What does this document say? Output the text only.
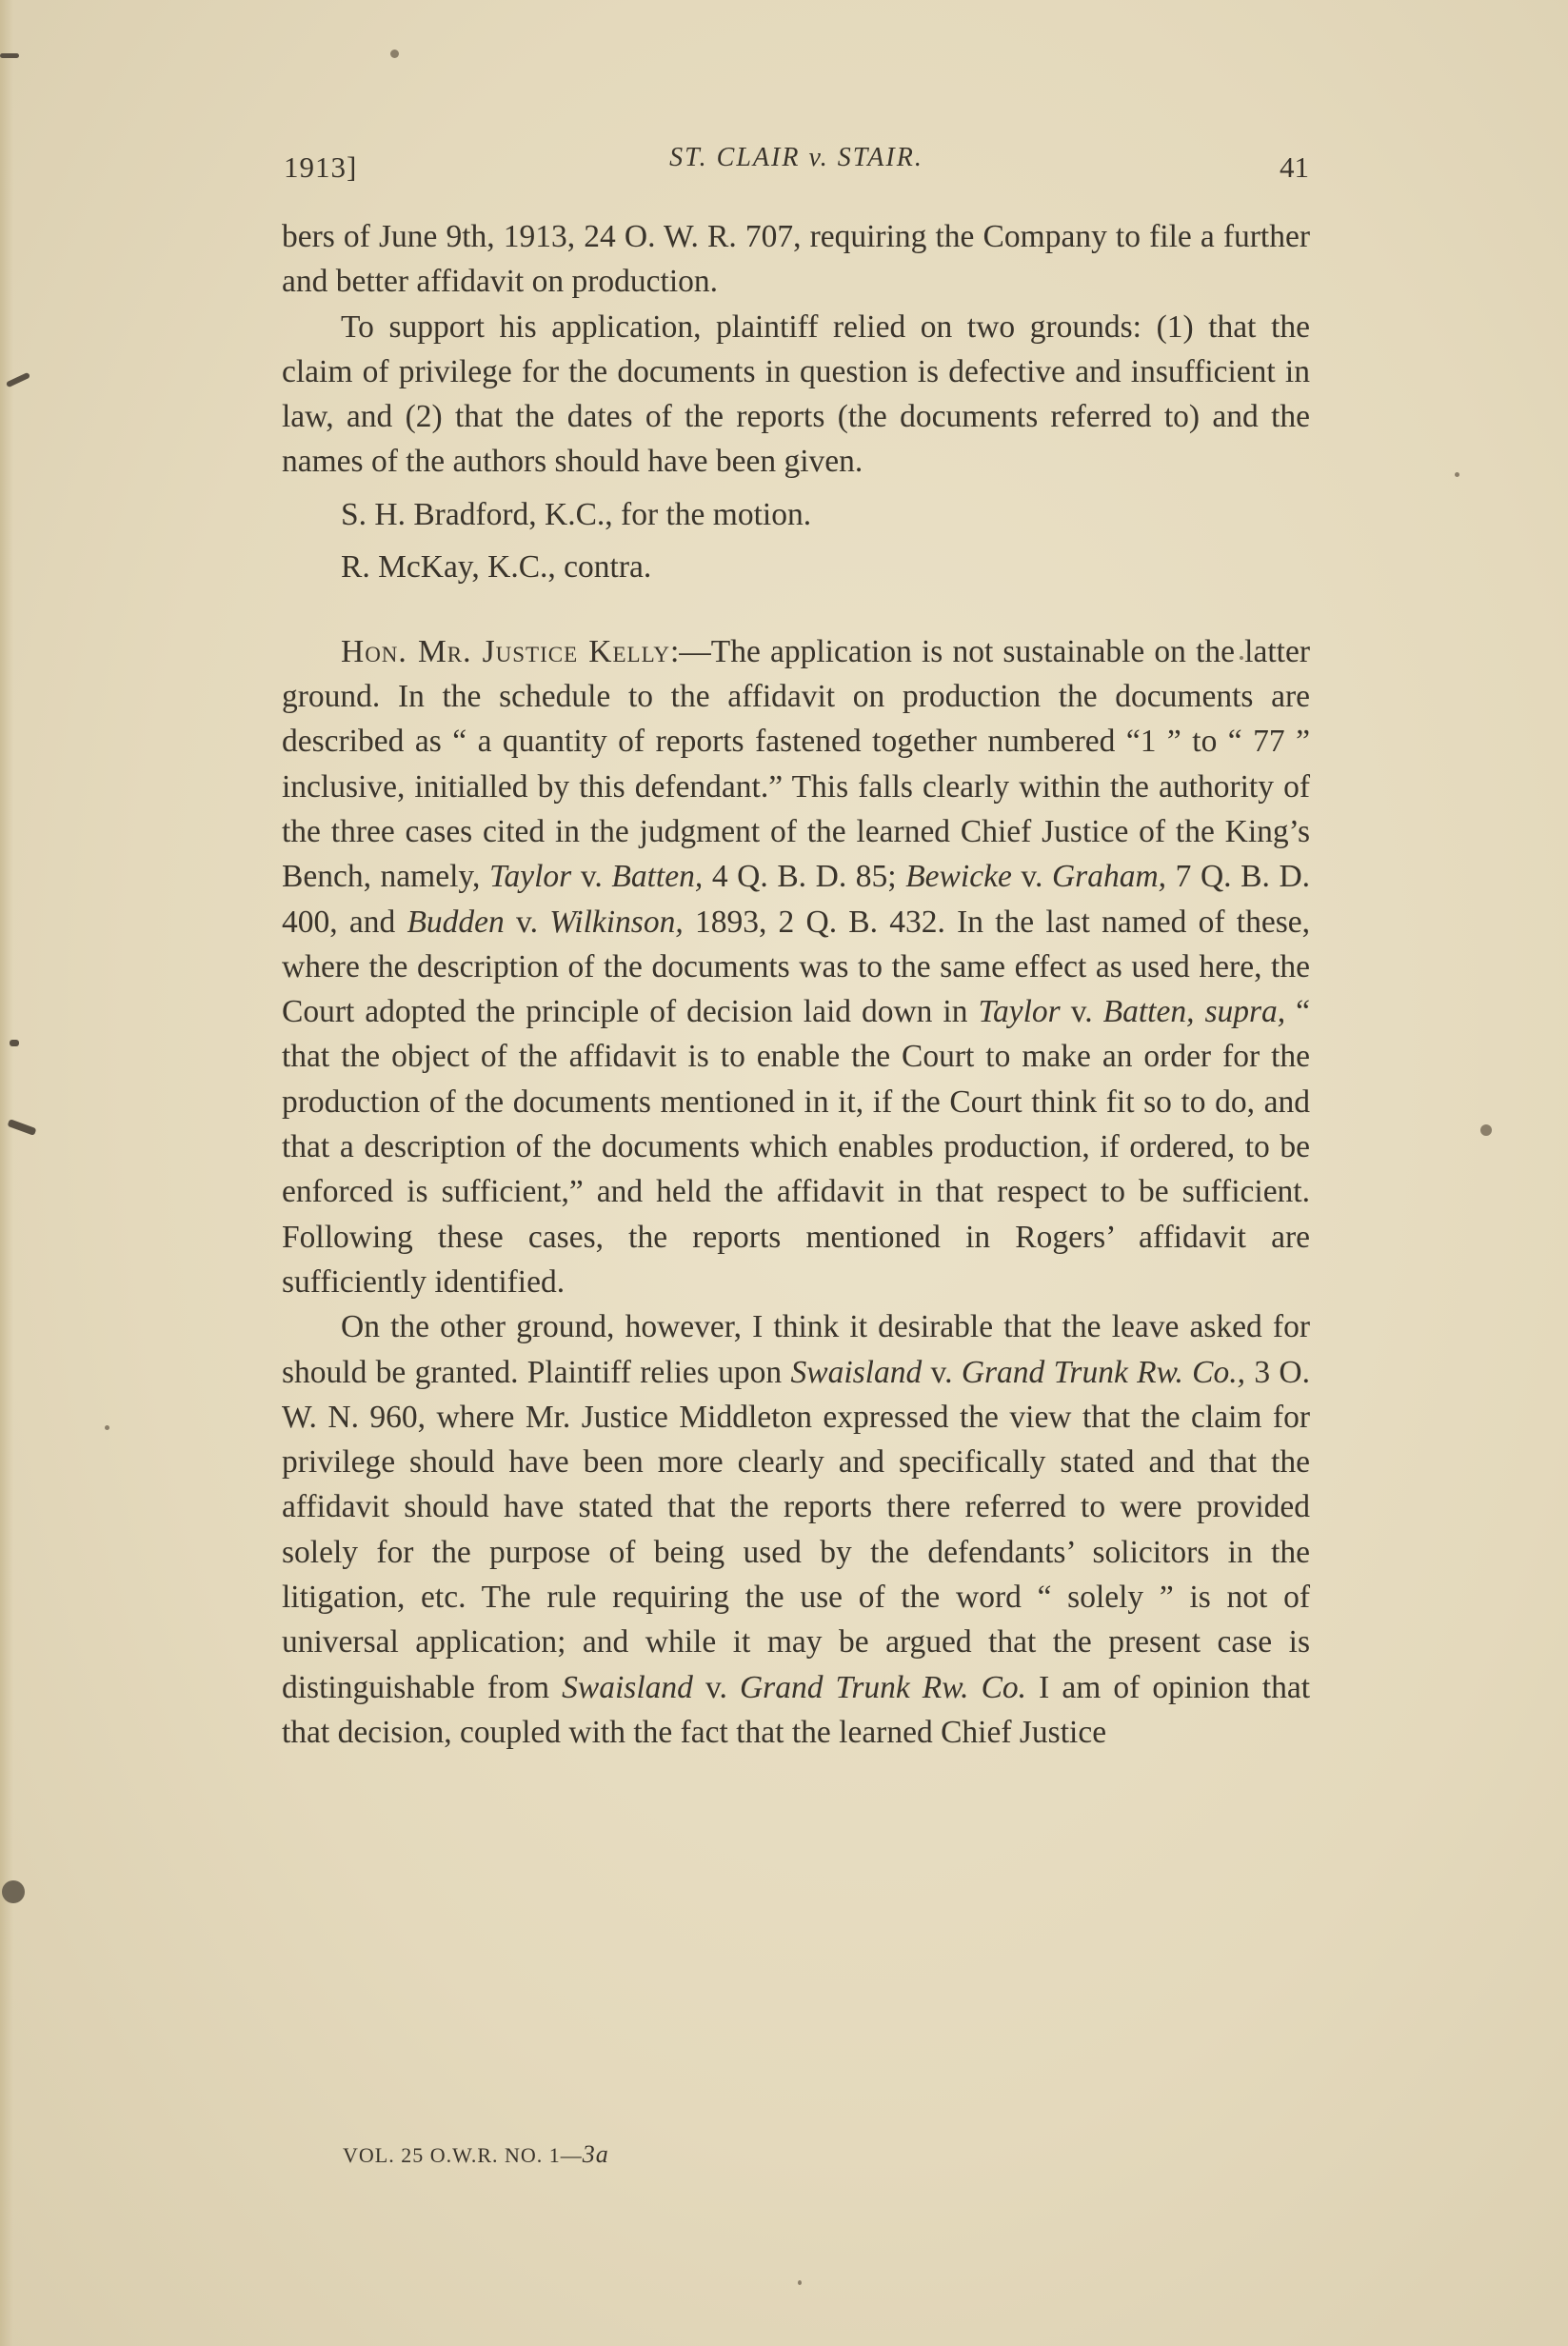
1913]	ST. CLAIR v. STAIR.	41

bers of June 9th, 1913, 24 O. W. R. 707, requiring the Company to file a further and better affidavit on production.

To support his application, plaintiff relied on two grounds: (1) that the claim of privilege for the documents in question is defective and insufficient in law, and (2) that the dates of the reports (the documents referred to) and the names of the authors should have been given.

S. H. Bradford, K.C., for the motion.

R. McKay, K.C., contra.

Hon. Mr. Justice Kelly:—The application is not sustainable on the latter ground. In the schedule to the affidavit on production the documents are described as “ a quantity of reports fastened together numbered “1 ” to “ 77 ” inclusive, initialled by this defendant.” This falls clearly within the authority of the three cases cited in the judgment of the learned Chief Justice of the King’s Bench, namely, Taylor v. Batten, 4 Q. B. D. 85; Bewicke v. Graham, 7 Q. B. D. 400, and Budden v. Wilkinson, 1893, 2 Q. B. 432. In the last named of these, where the description of the documents was to the same effect as used here, the Court adopted the principle of decision laid down in Taylor v. Batten, supra, “ that the object of the affidavit is to enable the Court to make an order for the production of the documents mentioned in it, if the Court think fit so to do, and that a description of the documents which enables production, if ordered, to be enforced is sufficient,” and held the affidavit in that respect to be sufficient. Following these cases, the reports mentioned in Rogers’ affidavit are sufficiently identified.

On the other ground, however, I think it desirable that the leave asked for should be granted. Plaintiff relies upon Swaisland v. Grand Trunk Rw. Co., 3 O. W. N. 960, where Mr. Justice Middleton expressed the view that the claim for privilege should have been more clearly and specifically stated and that the affidavit should have stated that the reports there referred to were provided solely for the purpose of being used by the defendants’ solicitors in the litigation, etc. The rule requiring the use of the word “ solely ” is not of universal application; and while it may be argued that the present case is distinguishable from Swaisland v. Grand Trunk Rw. Co. I am of opinion that that decision, coupled with the fact that the learned Chief Justice

VOL. 25 O.W.R. NO. 1—3a
